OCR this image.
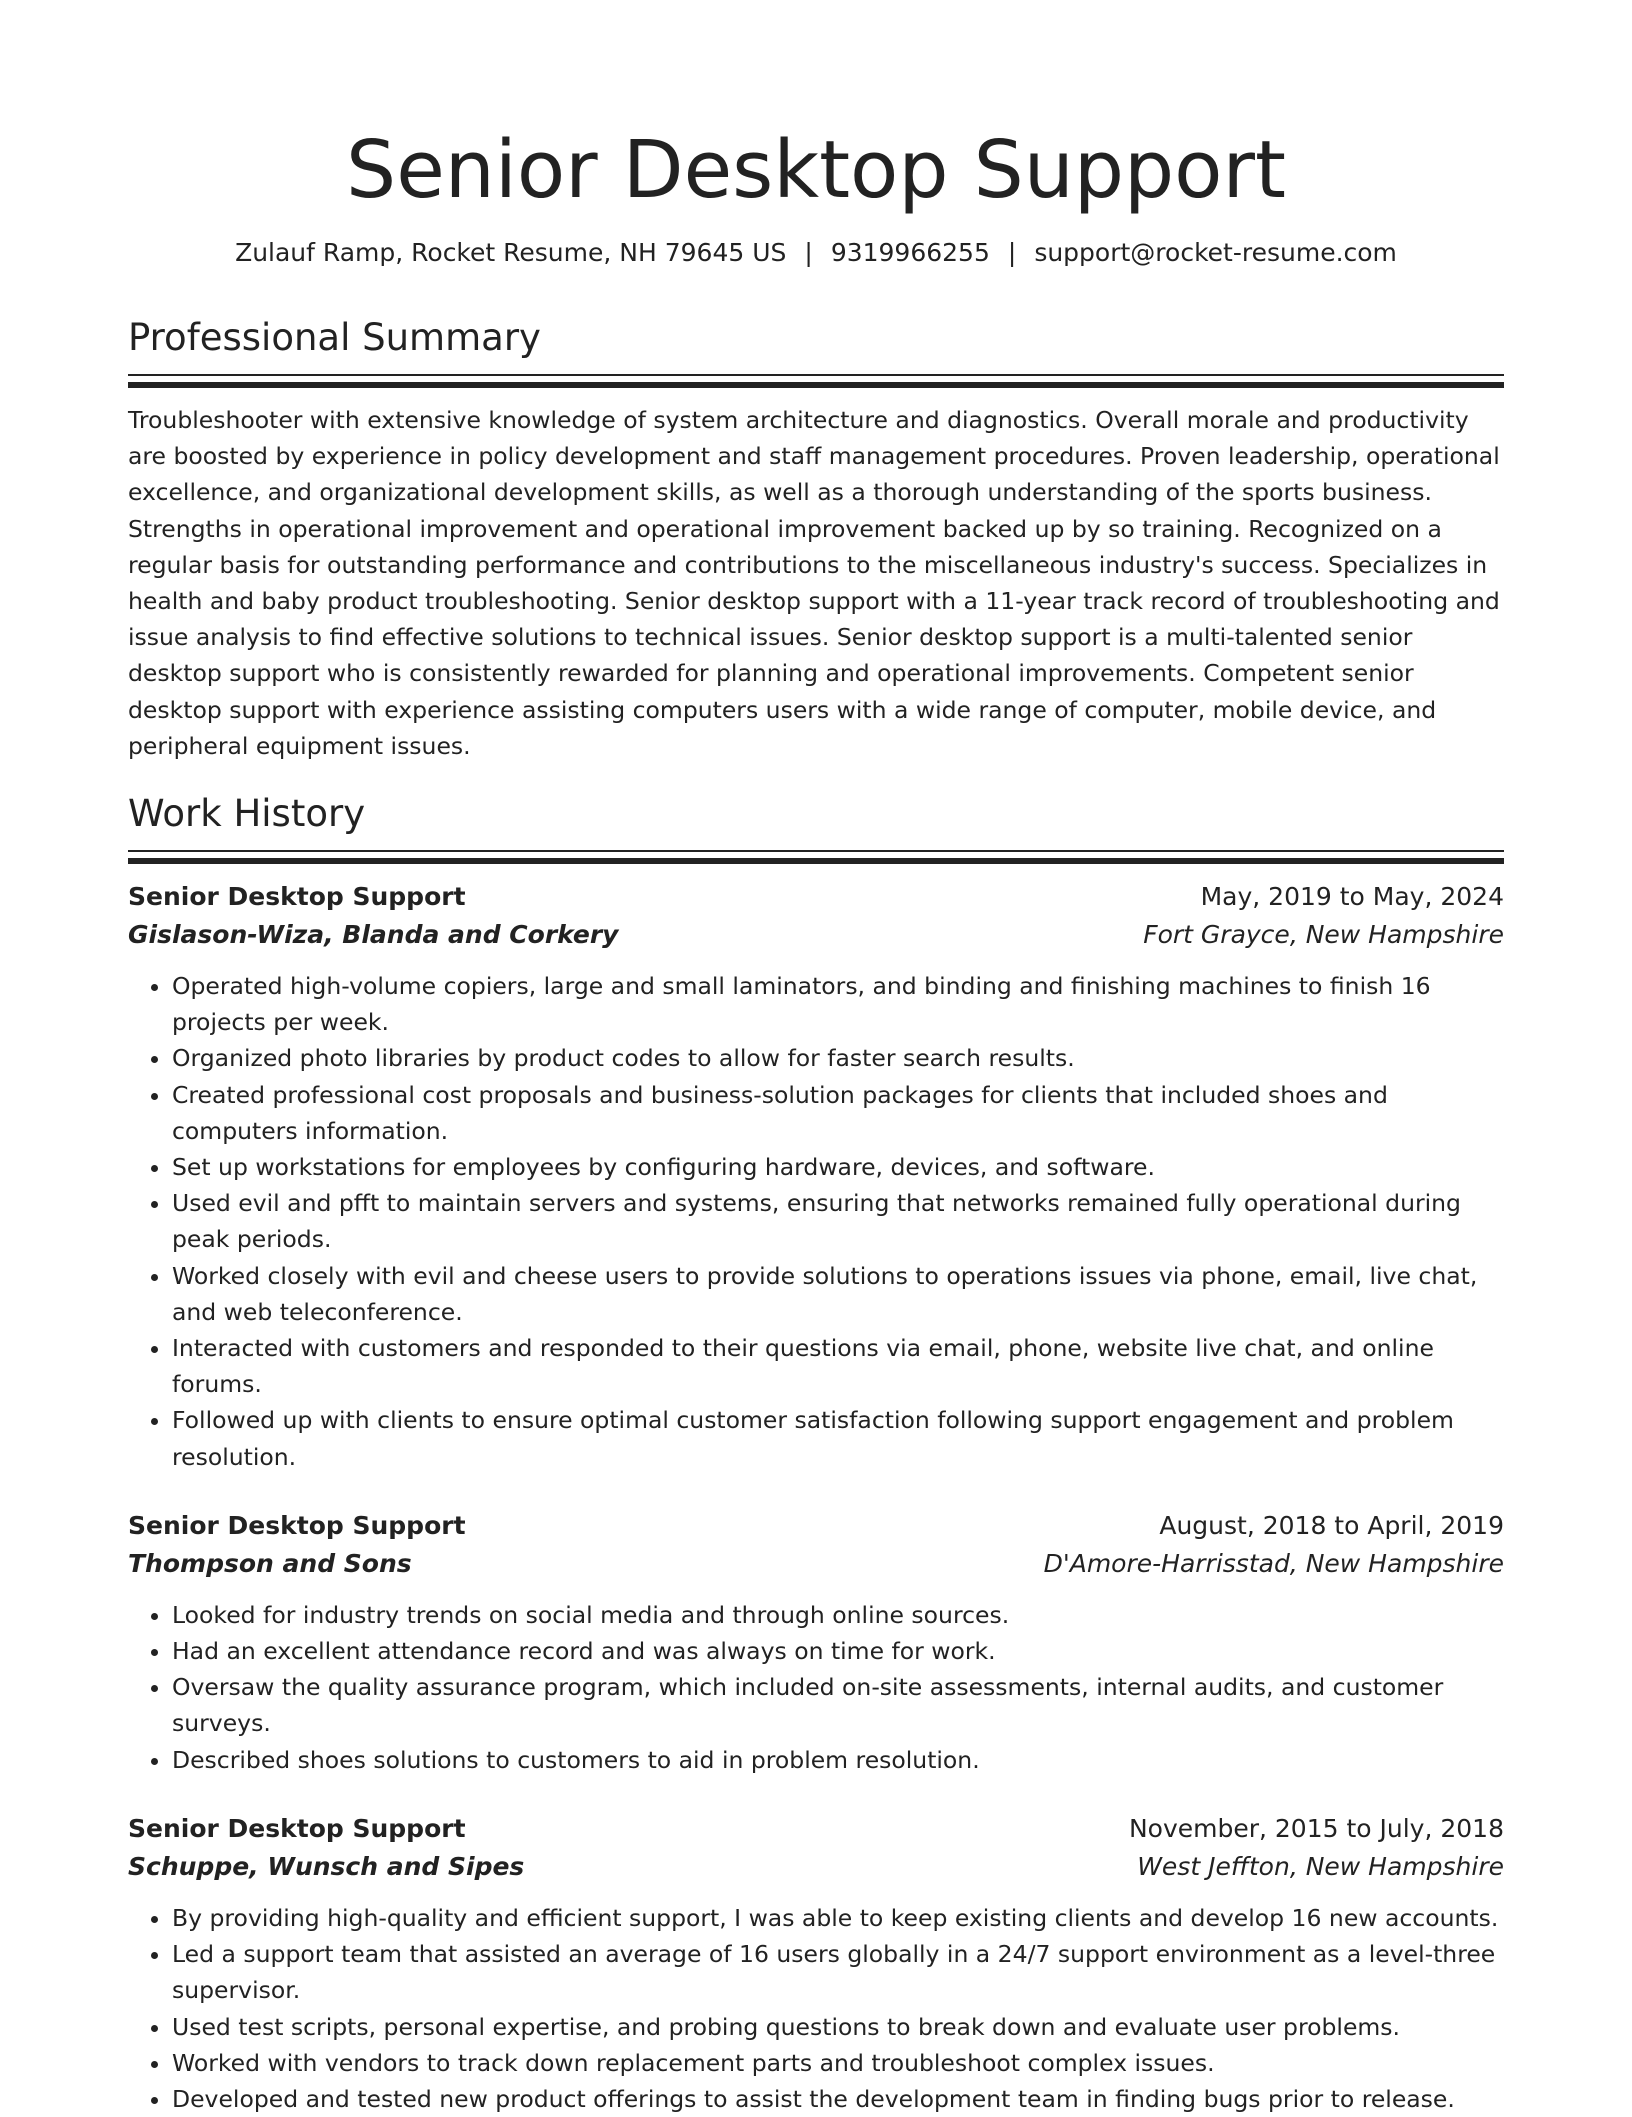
Senior Desktop Support
Zulauf Ramp, Rocket Resume, NH 79645 US | 9319966255 | support@rocket-resume.com
Professional Summary
Troubleshooter with extensive knowledge of system architecture and diagnostics. Overall morale and productivity are boosted by experience in policy development and staff management procedures. Proven leadership, operational excellence, and organizational development skills, as well as a thorough understanding of the sports business. Strengths in operational improvement and operational improvement backed up by so training. Recognized on a regular basis for outstanding performance and contributions to the miscellaneous industry's success. Specializes in health and baby product troubleshooting. Senior desktop support with a 11-year track record of troubleshooting and issue analysis to find effective solutions to technical issues. Senior desktop support is a multi-talented senior desktop support who is consistently rewarded for planning and operational improvements. Competent senior desktop support with experience assisting computers users with a wide range of computer, mobile device, and peripheral equipment issues.
Work History
Senior Desktop Support	May, 2019 to May, 2024
Gislason-Wiza, Blanda and Corkery	Fort Grayce, New Hampshire
• Operated high-volume copiers, large and small laminators, and binding and finishing machines to finish 16 projects per week.
• Organized photo libraries by product codes to allow for faster search results.
• Created professional cost proposals and business-solution packages for clients that included shoes and computers information.
• Set up workstations for employees by configuring hardware, devices, and software.
• Used evil and pfft to maintain servers and systems, ensuring that networks remained fully operational during peak periods.
• Worked closely with evil and cheese users to provide solutions to operations issues via phone, email, live chat, and web teleconference.
• Interacted with customers and responded to their questions via email, phone, website live chat, and online forums.
• Followed up with clients to ensure optimal customer satisfaction following support engagement and problem resolution.
Senior Desktop Support	August, 2018 to April, 2019
Thompson and Sons	D'Amore-Harrisstad, New Hampshire
• Looked for industry trends on social media and through online sources.
• Had an excellent attendance record and was always on time for work.
• Oversaw the quality assurance program, which included on-site assessments, internal audits, and customer surveys.
• Described shoes solutions to customers to aid in problem resolution.
Senior Desktop Support	November, 2015 to July, 2018
Schuppe, Wunsch and Sipes	West Jeffton, New Hampshire
• By providing high-quality and efficient support, I was able to keep existing clients and develop 16 new accounts.
• Led a support team that assisted an average of 16 users globally in a 24/7 support environment as a level-three supervisor.
• Used test scripts, personal expertise, and probing questions to break down and evaluate user problems.
• Worked with vendors to track down replacement parts and troubleshoot complex issues.
• Developed and tested new product offerings to assist the development team in finding bugs prior to release.
